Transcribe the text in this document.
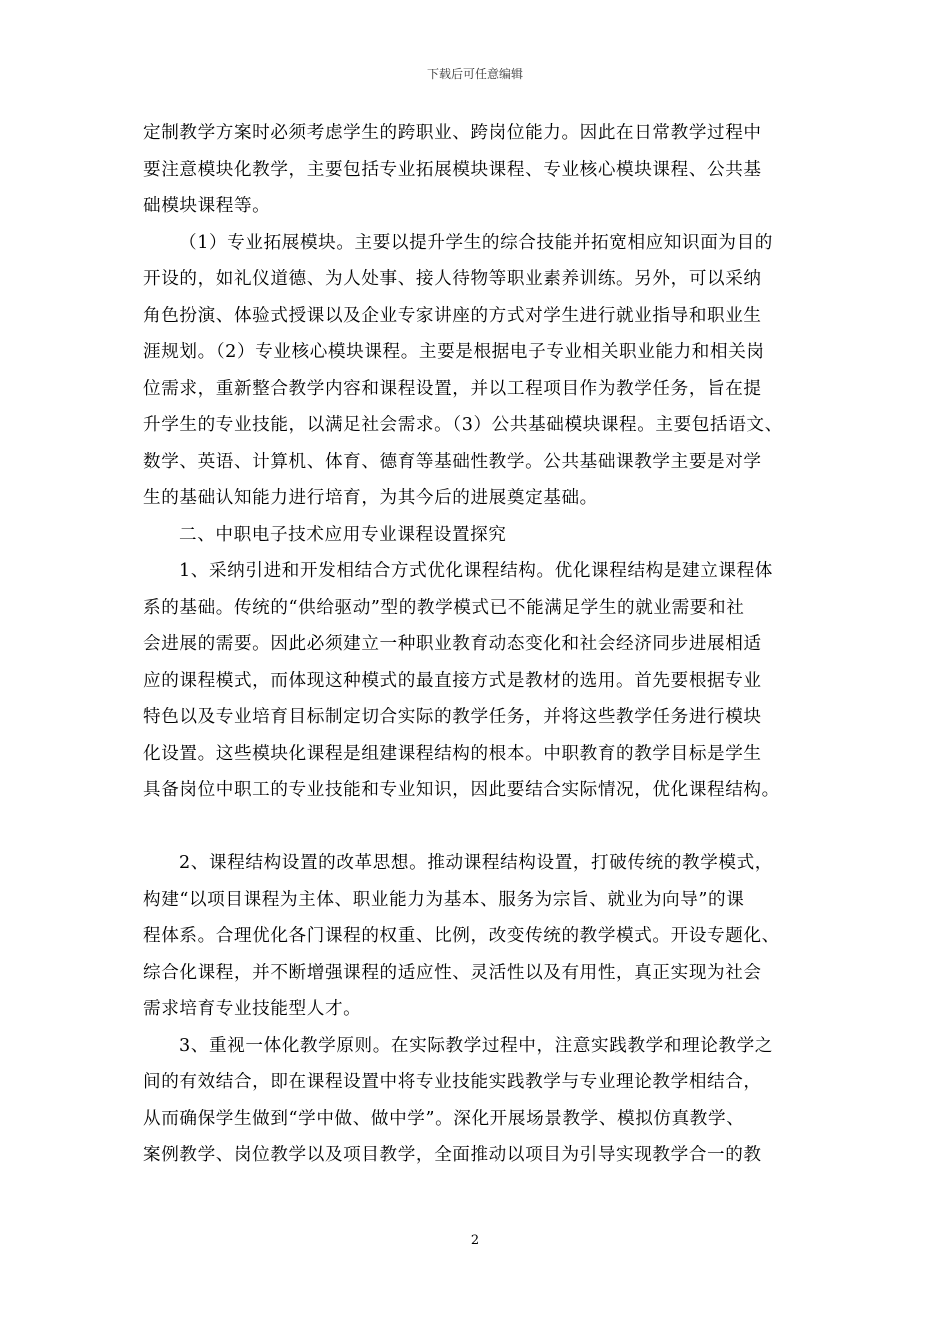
下载后可任意编辑
定制教学方案时必须考虑学生的跨职业、跨岗位能力。因此在日常教学过程中
要注意模块化教学，主要包括专业拓展模块课程、专业核心模块课程、公共基
础模块课程等。
（1）专业拓展模块。主要以提升学生的综合技能并拓宽相应知识面为目的
开设的，如礼仪道德、为人处事、接人待物等职业素养训练。另外，可以采纳
角色扮演、体验式授课以及企业专家讲座的方式对学生进行就业指导和职业生
涯规划。（2）专业核心模块课程。主要是根据电子专业相关职业能力和相关岗
位需求，重新整合教学内容和课程设置，并以工程项目作为教学任务，旨在提
升学生的专业技能，以满足社会需求。（3）公共基础模块课程。主要包括语文、
数学、英语、计算机、体育、德育等基础性教学。公共基础课教学主要是对学
生的基础认知能力进行培育，为其今后的进展奠定基础。
二、中职电子技术应用专业课程设置探究
1、采纳引进和开发相结合方式优化课程结构。优化课程结构是建立课程体
系的基础。传统的“供给驱动”型的教学模式已不能满足学生的就业需要和社
会进展的需要。因此必须建立一种职业教育动态变化和社会经济同步进展相适
应的课程模式，而体现这种模式的最直接方式是教材的选用。首先要根据专业
特色以及专业培育目标制定切合实际的教学任务，并将这些教学任务进行模块
化设置。这些模块化课程是组建课程结构的根本。中职教育的教学目标是学生
具备岗位中职工的专业技能和专业知识，因此要结合实际情况，优化课程结构。
2、课程结构设置的改革思想。推动课程结构设置，打破传统的教学模式，
构建“以项目课程为主体、职业能力为基本、服务为宗旨、就业为向导”的课
程体系。合理优化各门课程的权重、比例，改变传统的教学模式。开设专题化、
综合化课程，并不断增强课程的适应性、灵活性以及有用性，真正实现为社会
需求培育专业技能型人才。
3、重视一体化教学原则。在实际教学过程中，注意实践教学和理论教学之
间的有效结合，即在课程设置中将专业技能实践教学与专业理论教学相结合，
从而确保学生做到“学中做、做中学”。深化开展场景教学、模拟仿真教学、
案例教学、岗位教学以及项目教学，全面推动以项目为引导实现教学合一的教
2
